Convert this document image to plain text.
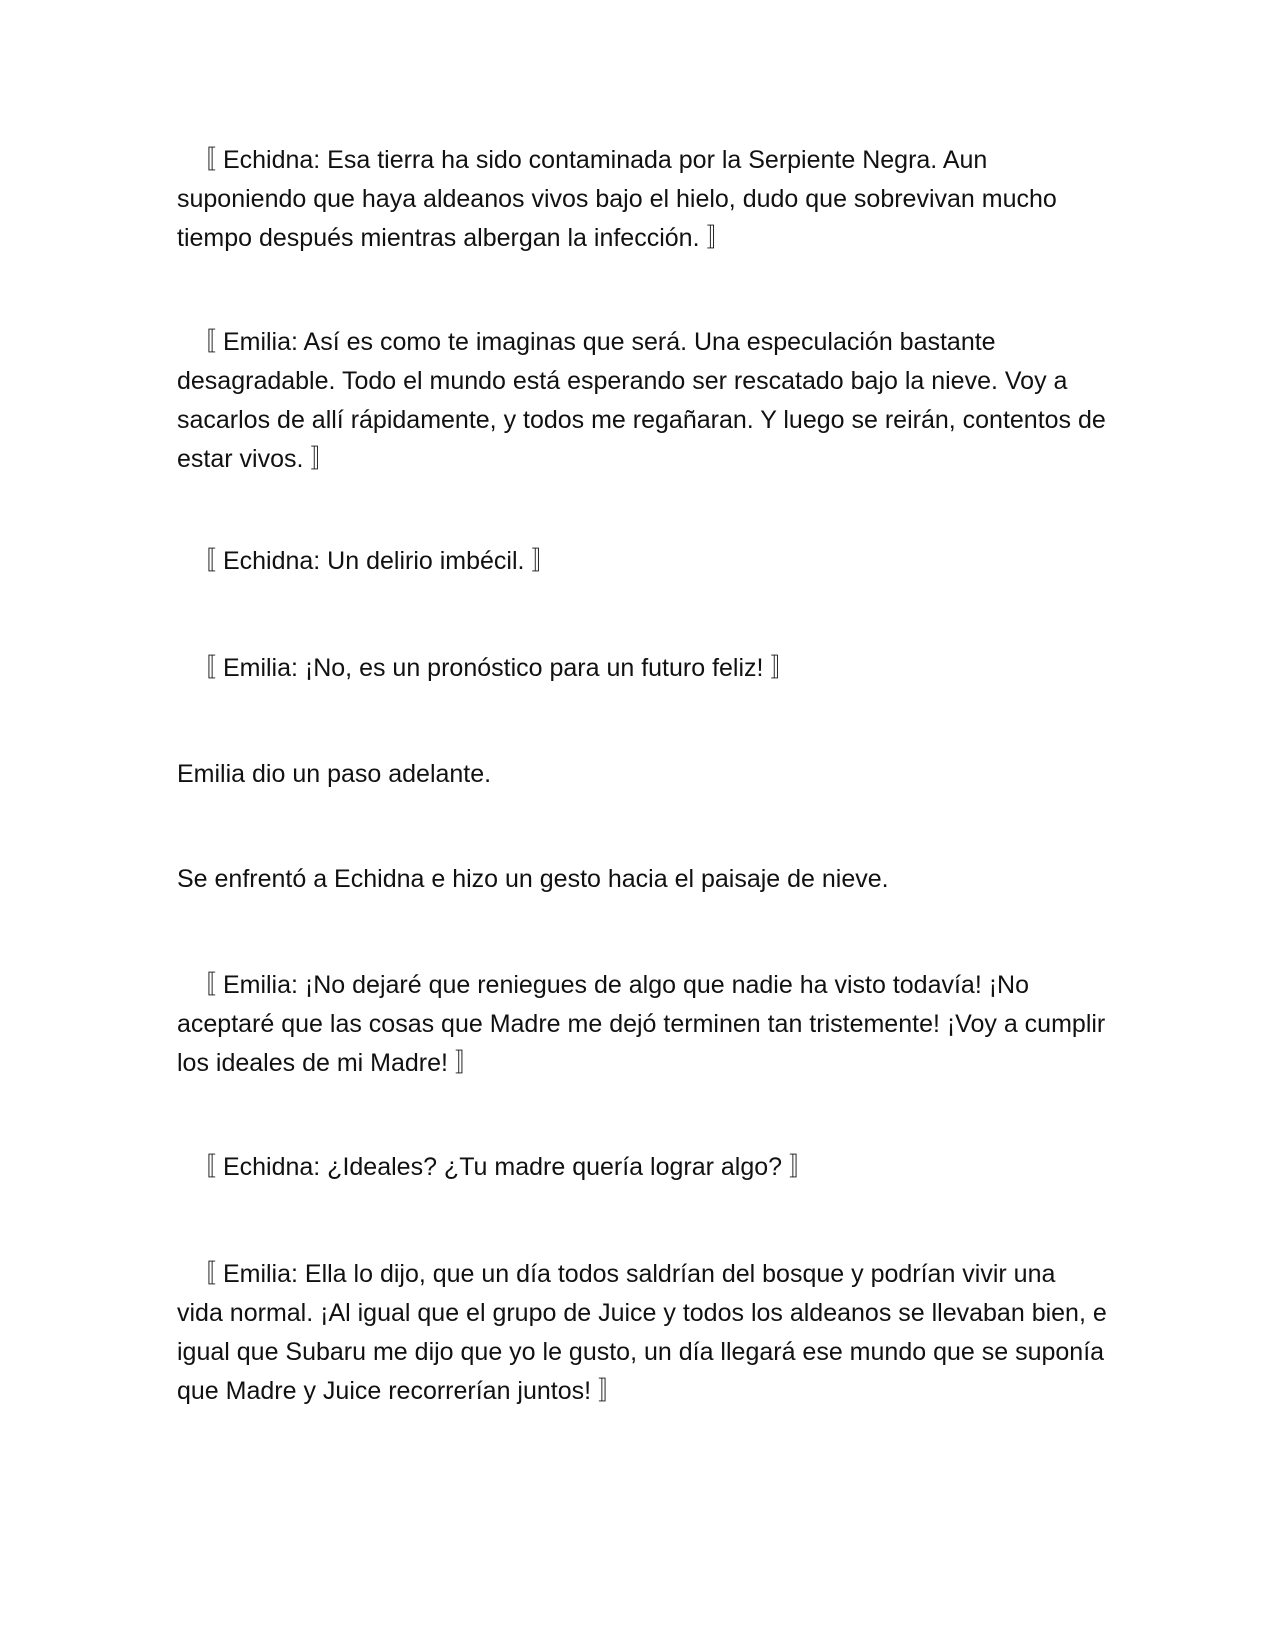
〚 Echidna: Esa tierra ha sido contaminada por la Serpiente Negra. Aun suponiendo que haya aldeanos vivos bajo el hielo, dudo que sobrevivan mucho tiempo después mientras albergan la infección. 〛

〚 Emilia: Así es como te imaginas que será. Una especulación bastante desagradable. Todo el mundo está esperando ser rescatado bajo la nieve. Voy a sacarlos de allí rápidamente, y todos me regañaran. Y luego se reirán, contentos de estar vivos. 〛

〚 Echidna: Un delirio imbécil. 〛

〚 Emilia: ¡No, es un pronóstico para un futuro feliz! 〛

Emilia dio un paso adelante.

Se enfrentó a Echidna e hizo un gesto hacia el paisaje de nieve.

〚 Emilia: ¡No dejaré que reniegues de algo que nadie ha visto todavía! ¡No aceptaré que las cosas que Madre me dejó terminen tan tristemente! ¡Voy a cumplir los ideales de mi Madre! 〛

〚 Echidna: ¿Ideales? ¿Tu madre quería lograr algo? 〛

〚 Emilia: Ella lo dijo, que un día todos saldrían del bosque y podrían vivir una vida normal. ¡Al igual que el grupo de Juice y todos los aldeanos se llevaban bien, e igual que Subaru me dijo que yo le gusto, un día llegará ese mundo que se suponía que Madre y Juice recorrerían juntos! 〛
